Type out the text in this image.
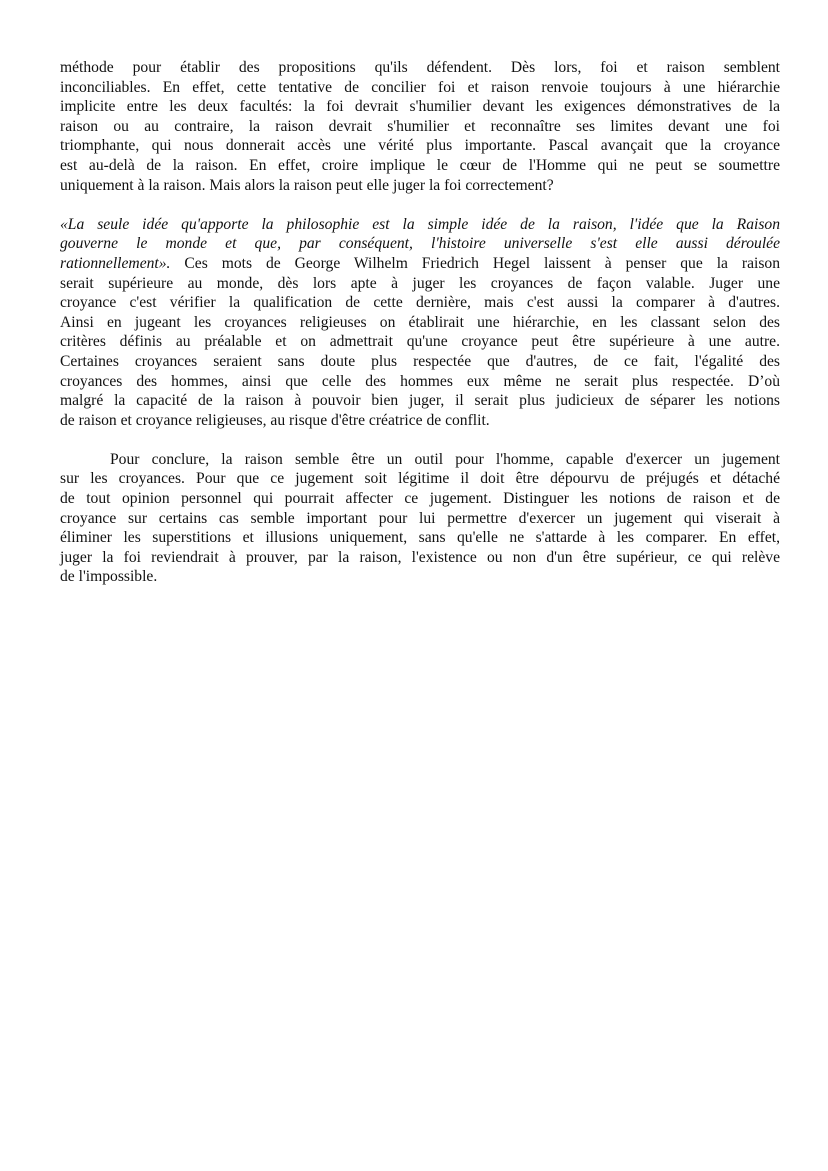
méthode pour établir des propositions qu'ils défendent. Dès lors, foi et raison semblent
inconciliables. En effet, cette tentative de concilier foi et raison renvoie toujours à une hiérarchie
implicite entre les deux facultés: la foi devrait s'humilier devant les exigences démonstratives de la
raison ou au contraire, la raison devrait s'humilier et reconnaître ses limites devant une foi
triomphante, qui nous donnerait accès une vérité plus importante. Pascal avançait que la croyance
est au-delà de la raison. En effet, croire implique le cœur de l'Homme qui ne peut se soumettre
uniquement à la raison. Mais alors la raison peut elle juger la foi correctement?
«La seule idée qu'apporte la philosophie est la simple idée de la raison, l'idée que la Raison
gouverne le monde et que, par conséquent, l'histoire universelle s'est elle aussi déroulée
rationnellement». Ces mots de George Wilhelm Friedrich Hegel laissent à penser que la raison
serait supérieure au monde, dès lors apte à juger les croyances de façon valable. Juger une
croyance c'est vérifier la qualification de cette dernière, mais c'est aussi la comparer à d'autres.
Ainsi en jugeant les croyances religieuses on établirait une hiérarchie, en les classant selon des
critères définis au préalable et on admettrait qu'une croyance peut être supérieure à une autre.
Certaines croyances seraient sans doute plus respectée que d'autres, de ce fait, l'égalité des
croyances des hommes, ainsi que celle des hommes eux même ne serait plus respectée. D’où
malgré la capacité de la raison à pouvoir bien juger, il serait plus judicieux de séparer les notions
de raison et croyance religieuses, au risque d'être créatrice de conflit.
Pour conclure, la raison semble être un outil pour l'homme, capable d'exercer un jugement
sur les croyances. Pour que ce jugement soit légitime il doit être dépourvu de préjugés et détaché
de tout opinion personnel qui pourrait affecter ce jugement. Distinguer les notions de raison et de
croyance sur certains cas semble important pour lui permettre d'exercer un jugement qui viserait à
éliminer les superstitions et illusions uniquement, sans qu'elle ne s'attarde à les comparer. En effet,
juger la foi reviendrait à prouver, par la raison, l'existence ou non d'un être supérieur, ce qui relève
de l'impossible.
